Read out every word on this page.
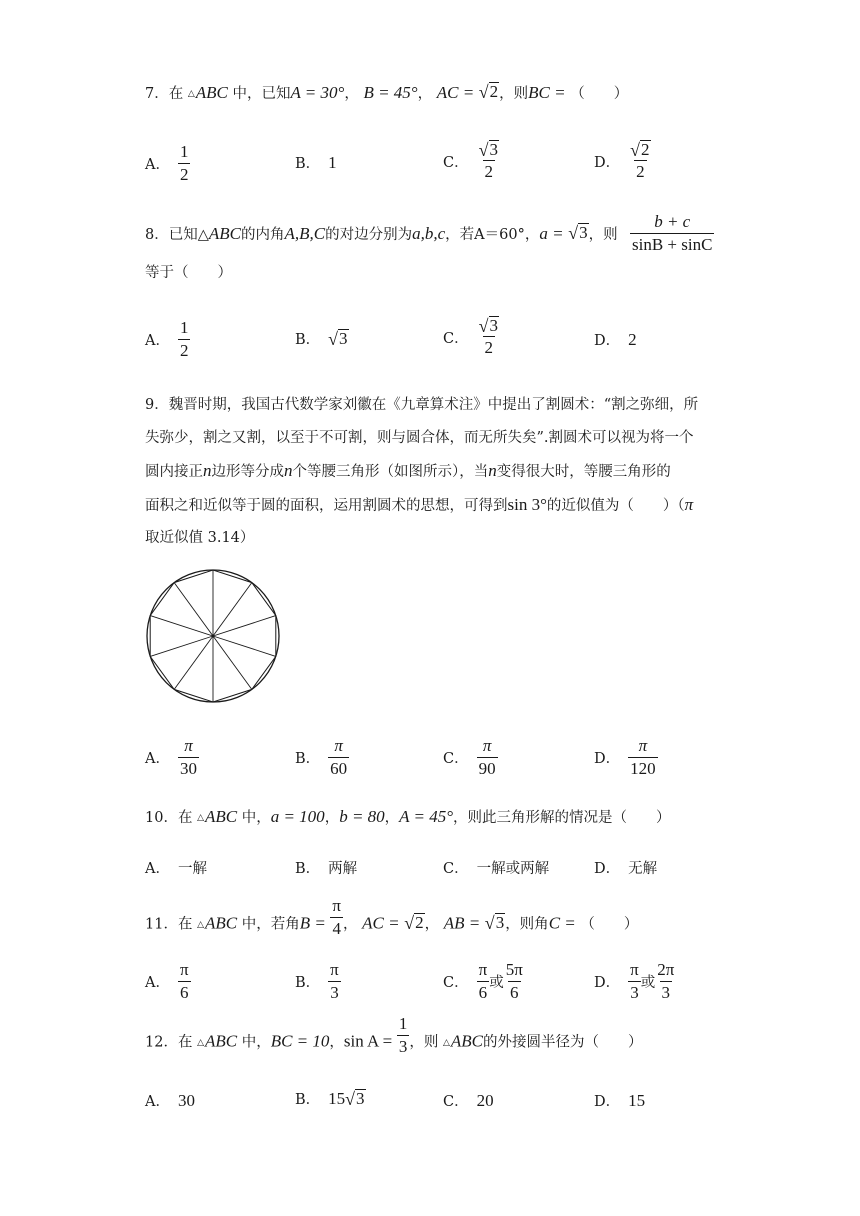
7．在 △ABC 中，已知A = 30°， B = 45°， AC = √ 2 ，则BC = （　　）
A． $\frac{1}{2}$	B． 1	C． $\frac{√ 3}{2}$	D． $\frac{√ 2}{2}$
8．已知△ABC的内角A,B,C的对边分别为a,b,c，若A＝60°，a = √ 3 ，则 $\frac{b + c}{\sin B + \sin C}$
等于（　　）
A． $\frac{1}{2}$	B． √ 3	C． $\frac{√ 3}{2}$	D． 2
9．魏晋时期，我国古代数学家刘徽在《九章算术注》中提出了割圆术：“割之弥细，所
失弥少，割之又割，以至于不可割，则与圆合体，而无所失矣”.割圆术可以视为将一个
圆内接正n边形等分成n个等腰三角形（如图所示），当n变得很大时，等腰三角形的
面积之和近似等于圆的面积，运用割圆术的思想，可得到sin 3°的近似值为（　　）（π
取近似值 3.14）
A． $\frac{\pi}{30}$	B． $\frac{\pi}{60}$	C． $\frac{\pi}{90}$	D． $\frac{\pi}{120}$
10．在 △ABC 中，a = 100，b = 80，A = 45°，则此三角形解的情况是（　　）
A． 一解	B． 两解	C． 一解或两解	D． 无解
11．在 △ABC 中，若角$B = \frac{\pi}{4}$ ， AC = √ 2 ， AB = √ 3 ，则角C = （　　）
A． $\frac{\pi}{6}$	B． $\frac{\pi}{3}$	C． $\frac{\pi}{6}$ 或 $\frac{5\pi}{6}$	D． $\frac{\pi}{3}$ 或 $\frac{2\pi}{3}$
12．在 △ABC 中，BC = 10，$\sin A = \frac{1}{3}$ ，则 △ABC的外接圆半径为（　　）
A． 30	B． 15 √ 3	C． 20	D． 15
